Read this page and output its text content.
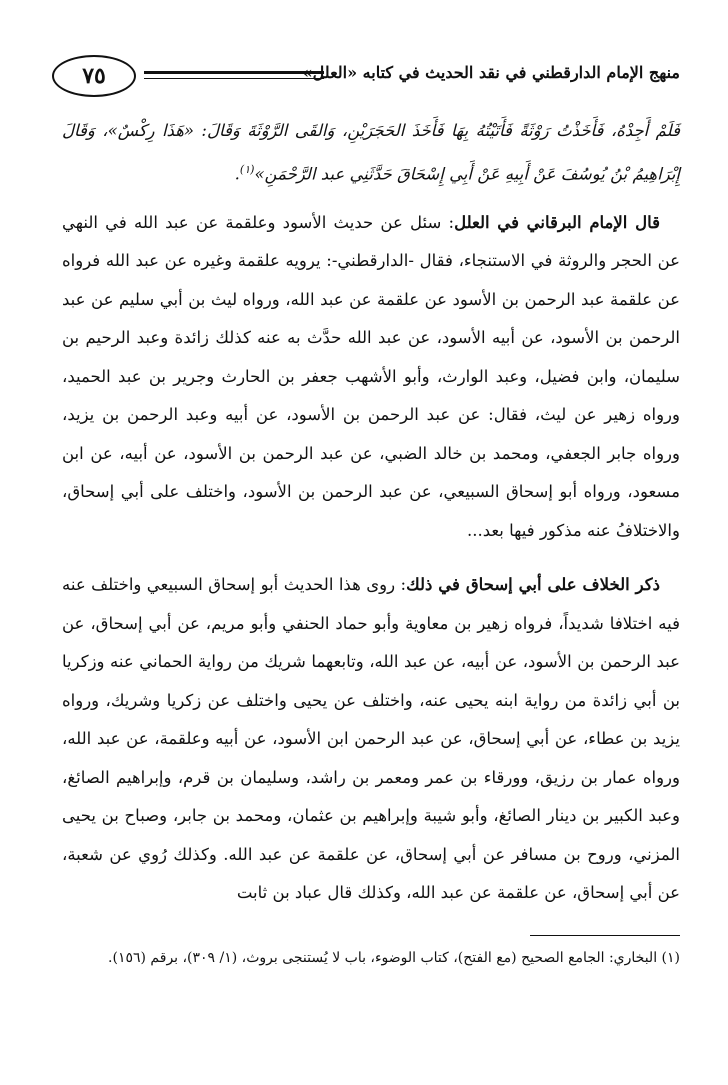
٧٥	منهج الإمام الدارقطني في نقد الحديث في كتابه «العلل»

فَلَمْ أَجِدْهُ، فَأَخَذْتُ رَوْثَةً فَأَتَيْتُهُ بِهَا فَأَخَذَ الحَجَرَيْنِ، وَالقَى الرَّوْثَةَ وَقَالَ: «هَذَا رِكْسٌ»، وَقَالَ إِبْرَاهِيمُ بْنُ يُوسُفَ عَنْ أَبِيهِ عَنْ أَبِي إِسْحَاقَ حَدَّثَنِي عبد الرَّحْمَنِ»$^{(١)}$.

قال الإمام البرقاني في العلل: سئل عن حديث الأسود وعلقمة عن عبد الله في النهي عن الحجر والروثة في الاستنجاء، فقال -الدارقطني-: يرويه علقمة وغيره عن عبد الله فرواه عن علقمة عبد الرحمن بن الأسود عن علقمة عن عبد الله، ورواه ليث بن أبي سليم عن عبد الرحمن بن الأسود، عن أبيه الأسود، عن عبد الله حدَّث به عنه كذلك زائدة وعبد الرحيم بن سليمان، وابن فضيل، وعبد الوارث، وأبو الأشهب جعفر بن الحارث وجرير بن عبد الحميد، ورواه زهير عن ليث، فقال: عن عبد الرحمن بن الأسود، عن أبيه وعبد الرحمن بن يزيد، ورواه جابر الجعفي، ومحمد بن خالد الضبي، عن عبد الرحمن بن الأسود، عن أبيه، عن ابن مسعود، ورواه أبو إسحاق السبيعي، عن عبد الرحمن بن الأسود، واختلف على أبي إسحاق، والاختلافُ عنه مذكور فيها بعد...

ذكر الخلاف على أبي إسحاق في ذلك: روى هذا الحديث أبو إسحاق السبيعي واختلف عنه فيه اختلافا شديداً، فرواه زهير بن معاوية وأبو حماد الحنفي وأبو مريم، عن أبي إسحاق، عن عبد الرحمن بن الأسود، عن أبيه، عن عبد الله، وتابعهما شريك من رواية الحماني عنه وزكريا بن أبي زائدة من رواية ابنه يحيى عنه، واختلف عن يحيى واختلف عن زكريا وشريك، ورواه يزيد بن عطاء، عن أبي إسحاق، عن عبد الرحمن ابن الأسود، عن أبيه وعلقمة، عن عبد الله، ورواه عمار بن رزيق، وورقاء بن عمر ومعمر بن راشد، وسليمان بن قرم، وإبراهيم الصائغ، وعبد الكبير بن دينار الصائغ، وأبو شيبة وإبراهيم بن عثمان، ومحمد بن جابر، وصباح بن يحيى المزني، وروح بن مسافر عن أبي إسحاق، عن علقمة عن عبد الله. وكذلك رُوي عن شعبة، عن أبي إسحاق، عن علقمة عن عبد الله، وكذلك قال عباد بن ثابت

(١) البخاري: الجامع الصحيح (مع الفتح)، كتاب الوضوء، باب لا يُستنجى بروث، (١/ ٣٠٩)، برقم (١٥٦).
